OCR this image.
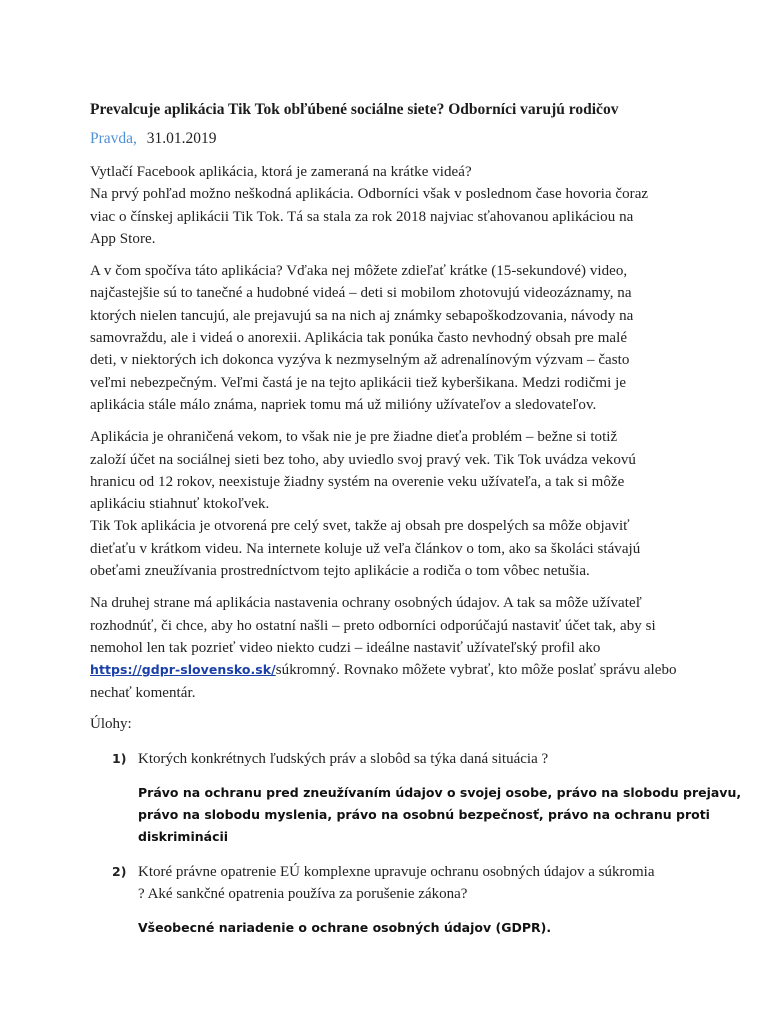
Prevalcuje aplikácia Tik Tok obľúbené sociálne siete? Odborníci varujú rodičov
Pravda, 31.01.2019

Vytlačí Facebook aplikácia, ktorá je zameraná na krátke videá?
Na prvý pohľad možno neškodná aplikácia. Odborníci však v poslednom čase hovoria čoraz
viac o čínskej aplikácii Tik Tok. Tá sa stala za rok 2018 najviac sťahovanou aplikáciou na
App Store.

A v čom spočíva táto aplikácia? Vďaka nej môžete zdieľať krátke (15-sekundové) video,
najčastejšie sú to tanečné a hudobné videá – deti si mobilom zhotovujú videozáznamy, na
ktorých nielen tancujú, ale prejavujú sa na nich aj známky sebapoškodzovania, návody na
samovraždu, ale i videá o anorexii. Aplikácia tak ponúka často nevhodný obsah pre malé
deti, v niektorých ich dokonca vyzýva k nezmyselným až adrenalínovým výzvam – často
veľmi nebezpečným. Veľmi častá je na tejto aplikácii tiež kyberšikana. Medzi rodičmi je
aplikácia stále málo známa, napriek tomu má už milióny užívateľov a sledovateľov.

Aplikácia je ohraničená vekom, to však nie je pre žiadne dieťa problém – bežne si totiž
založí účet na sociálnej sieti bez toho, aby uviedlo svoj pravý vek. Tik Tok uvádza vekovú
hranicu od 12 rokov, neexistuje žiadny systém na overenie veku užívateľa, a tak si môže
aplikáciu stiahnuť ktokoľvek.
Tik Tok aplikácia je otvorená pre celý svet, takže aj obsah pre dospelých sa môže objaviť
dieťaťu v krátkom videu. Na internete koluje už veľa článkov o tom, ako sa školáci stávajú
obeťami zneužívania prostredníctvom tejto aplikácie a rodiča o tom vôbec netušia.

Na druhej strane má aplikácia nastavenia ochrany osobných údajov. A tak sa môže užívateľ
rozhodnúť, či chce, aby ho ostatní našli – preto odborníci odporúčajú nastaviť účet tak, aby si
nemohol len tak pozrieť video niekto cudzi – ideálne nastaviť užívateľský profil ako
https://gdpr-slovensko.sk/súkromný. Rovnako môžete vybrať, kto môže poslať správu alebo
nechať komentár.

Úlohy:
1) Ktorých konkrétnych ľudských práv a slobôd sa týka daná situácia ?
Právo na ochranu pred zneužívaním údajov o svojej osobe, právo na slobodu prejavu,
právo na slobodu myslenia, právo na osobnú bezpečnosť, právo na ochranu proti
diskriminácii
2) Ktoré právne opatrenie EÚ komplexne upravuje ochranu osobných údajov a súkromia
? Aké sankčné opatrenia používa za porušenie zákona?
Všeobecné nariadenie o ochrane osobných údajov (GDPR).
